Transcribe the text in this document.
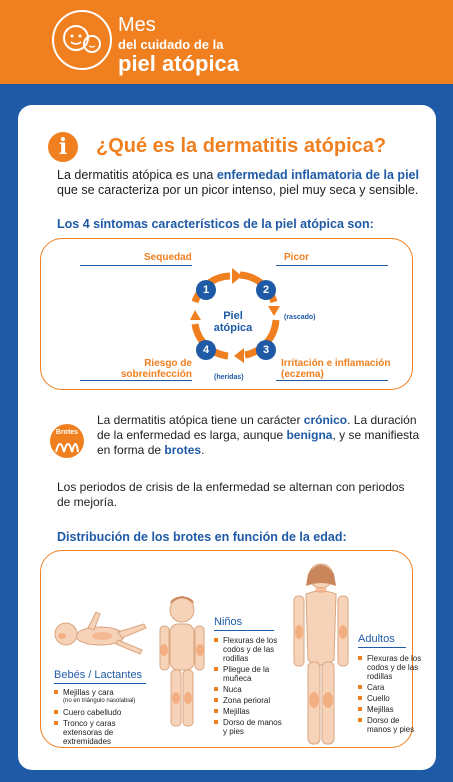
Mes
del cuidado de la
piel atópica
i	¿Qué es la dermatitis atópica?
La dermatitis atópica es una enfermedad inflamatoria de la piel
que se caracteriza por un picor intenso, piel muy seca y sensible.
Los 4 síntomas característicos de la piel atópica son:
1	2
3
4
Piel
atópica
Sequedad	Picor
(rascado)
(heridas)
Irritación e inflamación
(eczema)
Riesgo de
sobreinfección
Brotes
La dermatitis atópica tiene un carácter crónico. La duración
de la enfermedad es larga, aunque benigna, y se manifiesta
en forma de brotes.
Los periodos de crisis de la enfermedad se alternan con periodos
de mejoría.
Distribución de los brotes en función de la edad:
Bebés / Lactantes
Mejillas y cara
(no en triángulo nasolabial)
Cuero cabelludo
Tronco y caras extensoras de extremidades
Niños
Flexuras de los codos y de las rodillas
Pliegue de la muñeca
Nuca
Zona perioral
Mejillas
Dorso de manos y pies
Adultos
Flexuras de los codos y de las rodillas
Cara
Cuello
Mejillas
Dorso de manos y pies
